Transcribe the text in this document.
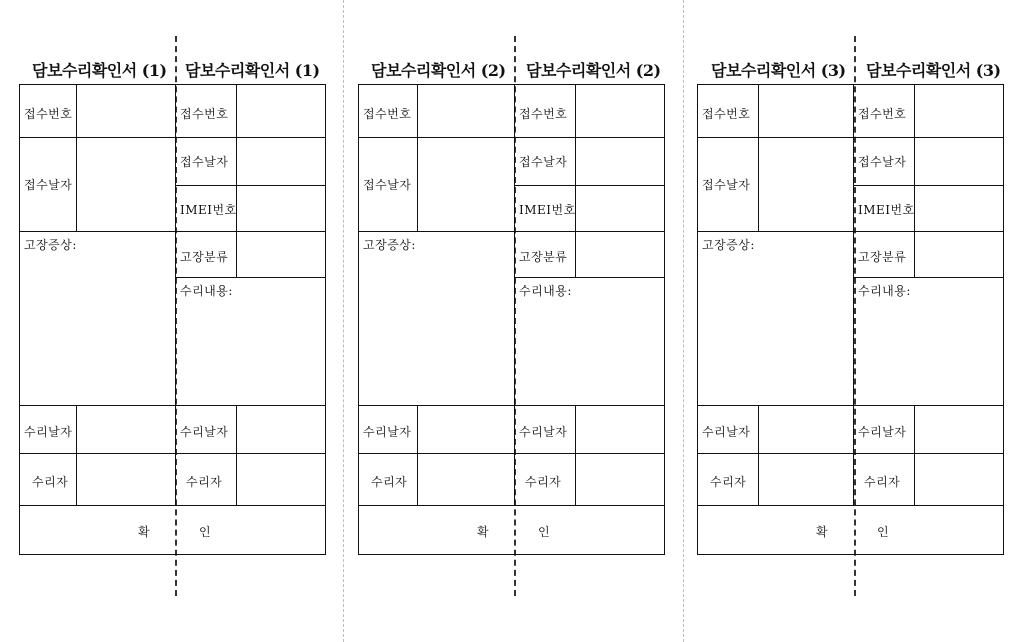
담보수리확인서 (1) 담보수리확인서 (1)
접수번호
접수날자
고장증상:
수리날자
수리자
확
접수번호
접수날자
IMEI번호
고장분류
수리내용:
수리날자
수리자
인
담보수리확인서 (2) 담보수리확인서 (2)
접수번호
접수날자
고장증상:
수리날자
수리자
확
접수번호
접수날자
IMEI번호
고장분류
수리내용:
수리날자
수리자
인
담보수리확인서 (3) 담보수리확인서 (3)
접수번호
접수날자
고장증상:
수리날자
수리자
확
접수번호
접수날자
IMEI번호
고장분류
수리내용:
수리날자
수리자
인
